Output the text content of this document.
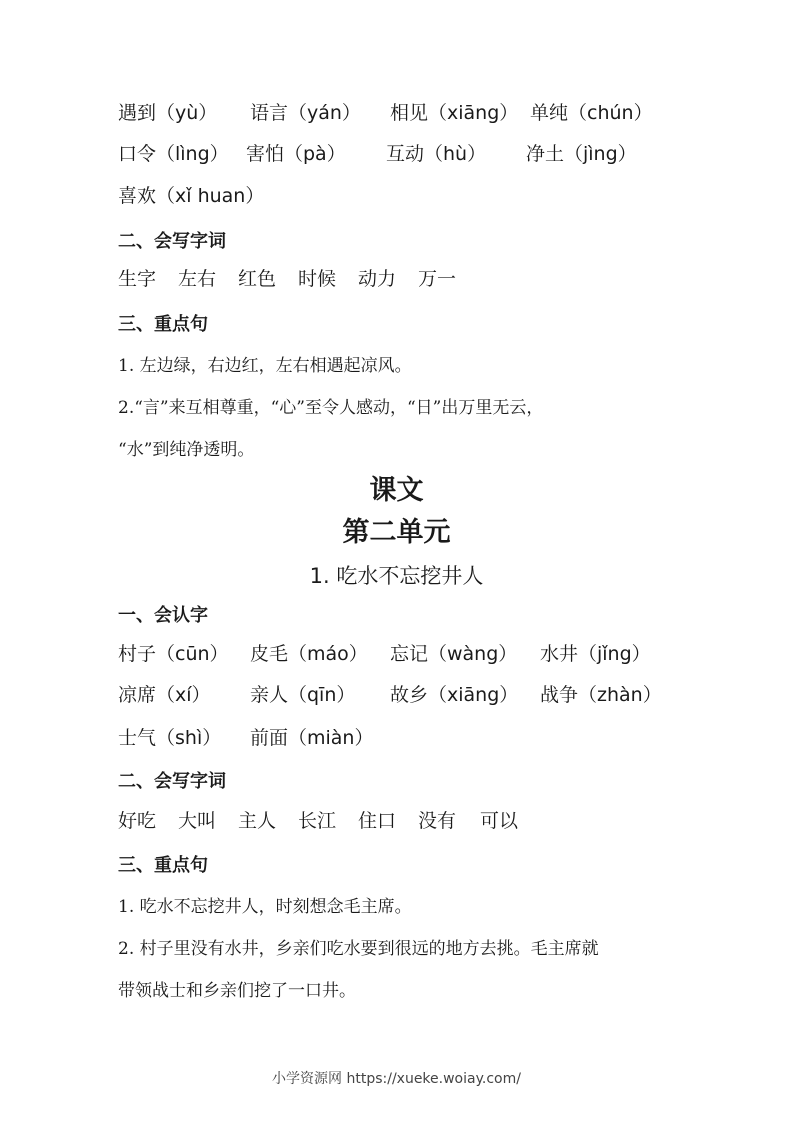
遇到（yù） 语言（yán） 相见（xiāng） 单纯（chún）
口令（lìng） 害怕（pà） 互动（hù） 净土（jìng）
喜欢（xǐ huan）
二、会写字词
生字 左右 红色 时候 动力 万一
三、重点句
1. 左边绿，右边红，左右相遇起凉风。
2.“言”来互相尊重，“心”至令人感动，“日”出万里无云，
“水”到纯净透明。
课文
第二单元
1. 吃水不忘挖井人
一、会认字
村子（cūn） 皮毛（máo） 忘记（wàng） 水井（jǐng）
凉席（xí） 亲人（qīn） 故乡（xiāng） 战争（zhàn）
士气（shì） 前面（miàn）
二、会写字词
好吃 大叫 主人 长江 住口 没有 可以
三、重点句
1. 吃水不忘挖井人，时刻想念毛主席。
2. 村子里没有水井，乡亲们吃水要到很远的地方去挑。毛主席就
带领战士和乡亲们挖了一口井。
小学资源网 https://xueke.woiay.com/
